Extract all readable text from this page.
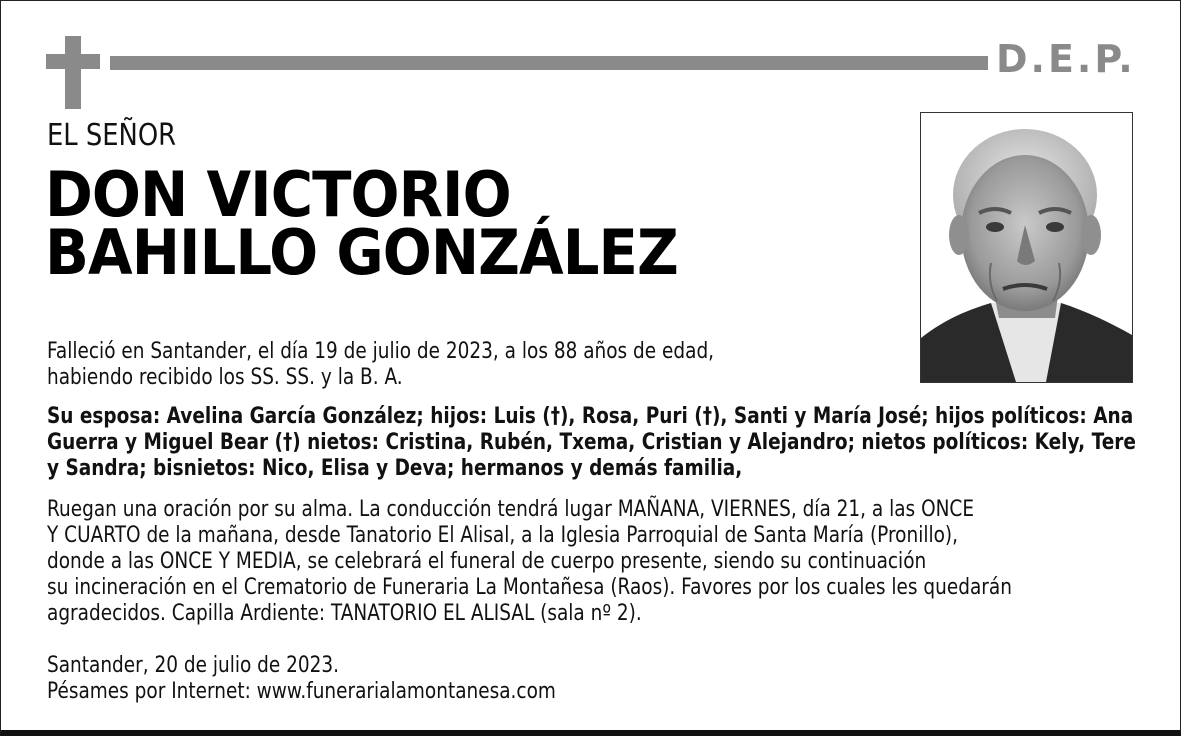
D.E.P.
EL SEÑOR
DON VICTORIO
BAHILLO GONZÁLEZ
Falleció en Santander, el día 19 de julio de 2023, a los 88 años de edad,
habiendo recibido los SS. SS. y la B. A.
Su esposa: Avelina García González; hijos: Luis (†), Rosa, Puri (†), Santi y María José; hijos políticos: Ana
Guerra y Miguel Bear (†) nietos: Cristina, Rubén, Txema, Cristian y Alejandro; nietos políticos: Kely, Tere
y Sandra; bisnietos: Nico, Elisa y Deva; hermanos y demás familia,
Ruegan una oración por su alma. La conducción tendrá lugar MAÑANA, VIERNES, día 21, a las ONCE
Y CUARTO de la mañana, desde Tanatorio El Alisal, a la Iglesia Parroquial de Santa María (Pronillo),
donde a las ONCE Y MEDIA, se celebrará el funeral de cuerpo presente, siendo su continuación
su incineración en el Crematorio de Funeraria La Montañesa (Raos). Favores por los cuales les quedarán
agradecidos. Capilla Ardiente: TANATORIO EL ALISAL (sala nº 2).
Santander, 20 de julio de 2023.
Pésames por Internet: www.funerarialamontanesa.com
